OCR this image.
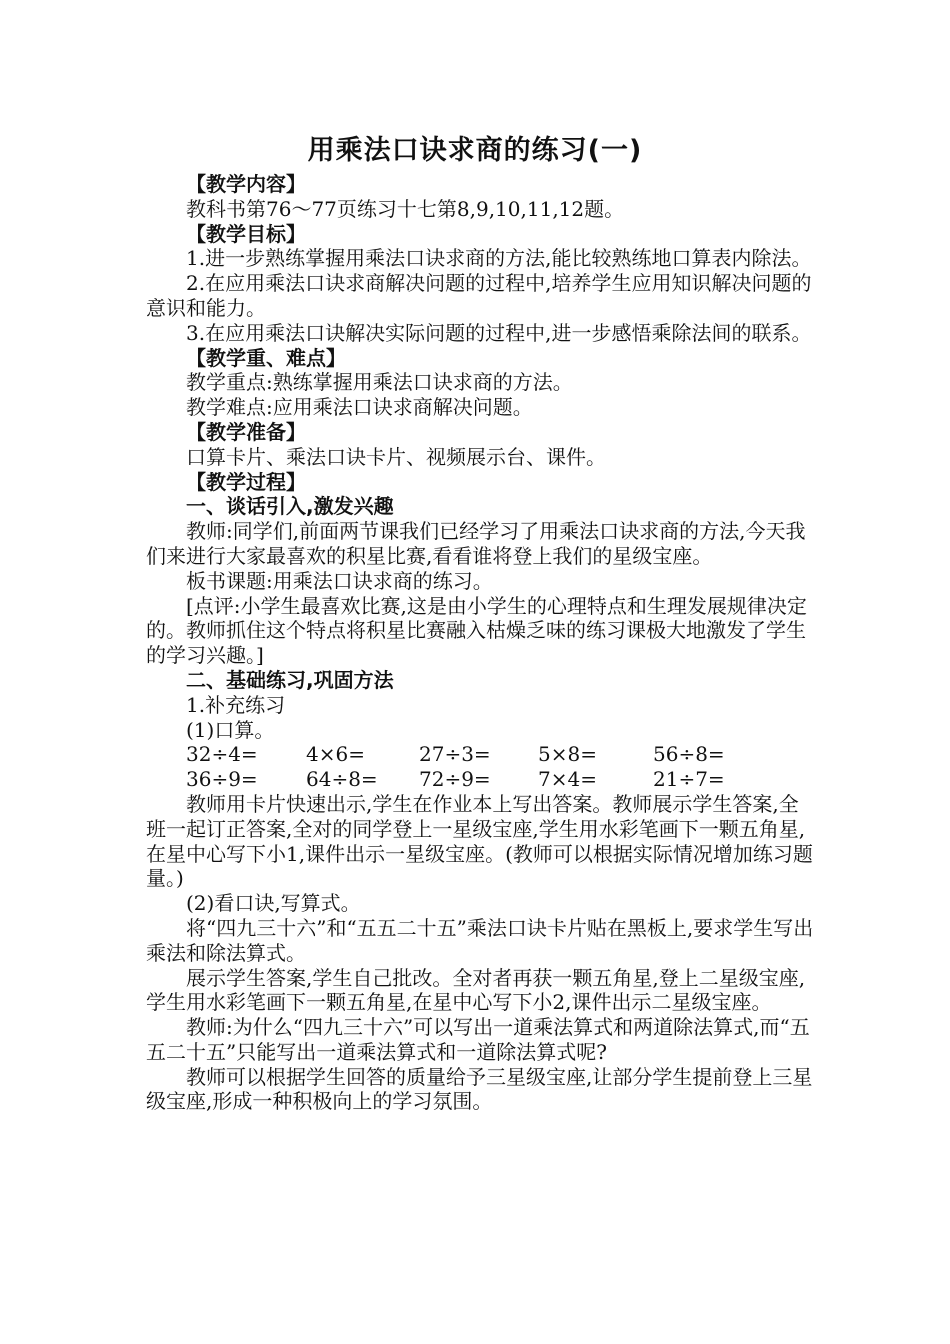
用乘法口诀求商的练习(一)

【教学内容】

教科书第76～77页练习十七第8,9,10,11,12题。

【教学目标】

1.进一步熟练掌握用乘法口诀求商的方法,能比较熟练地口算表内除法。

2.在应用乘法口诀求商解决问题的过程中,培养学生应用知识解决问题的意识和能力。

3.在应用乘法口诀解决实际问题的过程中,进一步感悟乘除法间的联系。

【教学重、难点】

教学重点:熟练掌握用乘法口诀求商的方法。

教学难点:应用乘法口诀求商解决问题。

【教学准备】

口算卡片、乘法口诀卡片、视频展示台、课件。

【教学过程】

一、谈话引入,激发兴趣

教师:同学们,前面两节课我们已经学习了用乘法口诀求商的方法,今天我们来进行大家最喜欢的积星比赛,看看谁将登上我们的星级宝座。

板书课题:用乘法口诀求商的练习。

[点评:小学生最喜欢比赛,这是由小学生的心理特点和生理发展规律决定的。教师抓住这个特点将积星比赛融入枯燥乏味的练习课极大地激发了学生的学习兴趣。]

二、基础练习,巩固方法

1.补充练习

(1)口算。

32÷4=	4×6=	27÷3=	5×8=	56÷8=
36÷9=	64÷8=	72÷9=	7×4=	21÷7=

教师用卡片快速出示,学生在作业本上写出答案。教师展示学生答案,全班一起订正答案,全对的同学登上一星级宝座,学生用水彩笔画下一颗五角星,在星中心写下小1,课件出示一星级宝座。(教师可以根据实际情况增加练习题量。)

(2)看口诀,写算式。

将“四九三十六”和“五五二十五”乘法口诀卡片贴在黑板上,要求学生写出乘法和除法算式。

展示学生答案,学生自己批改。全对者再获一颗五角星,登上二星级宝座,学生用水彩笔画下一颗五角星,在星中心写下小2,课件出示二星级宝座。

教师:为什么“四九三十六”可以写出一道乘法算式和两道除法算式,而“五五二十五”只能写出一道乘法算式和一道除法算式呢?

教师可以根据学生回答的质量给予三星级宝座,让部分学生提前登上三星级宝座,形成一种积极向上的学习氛围。
